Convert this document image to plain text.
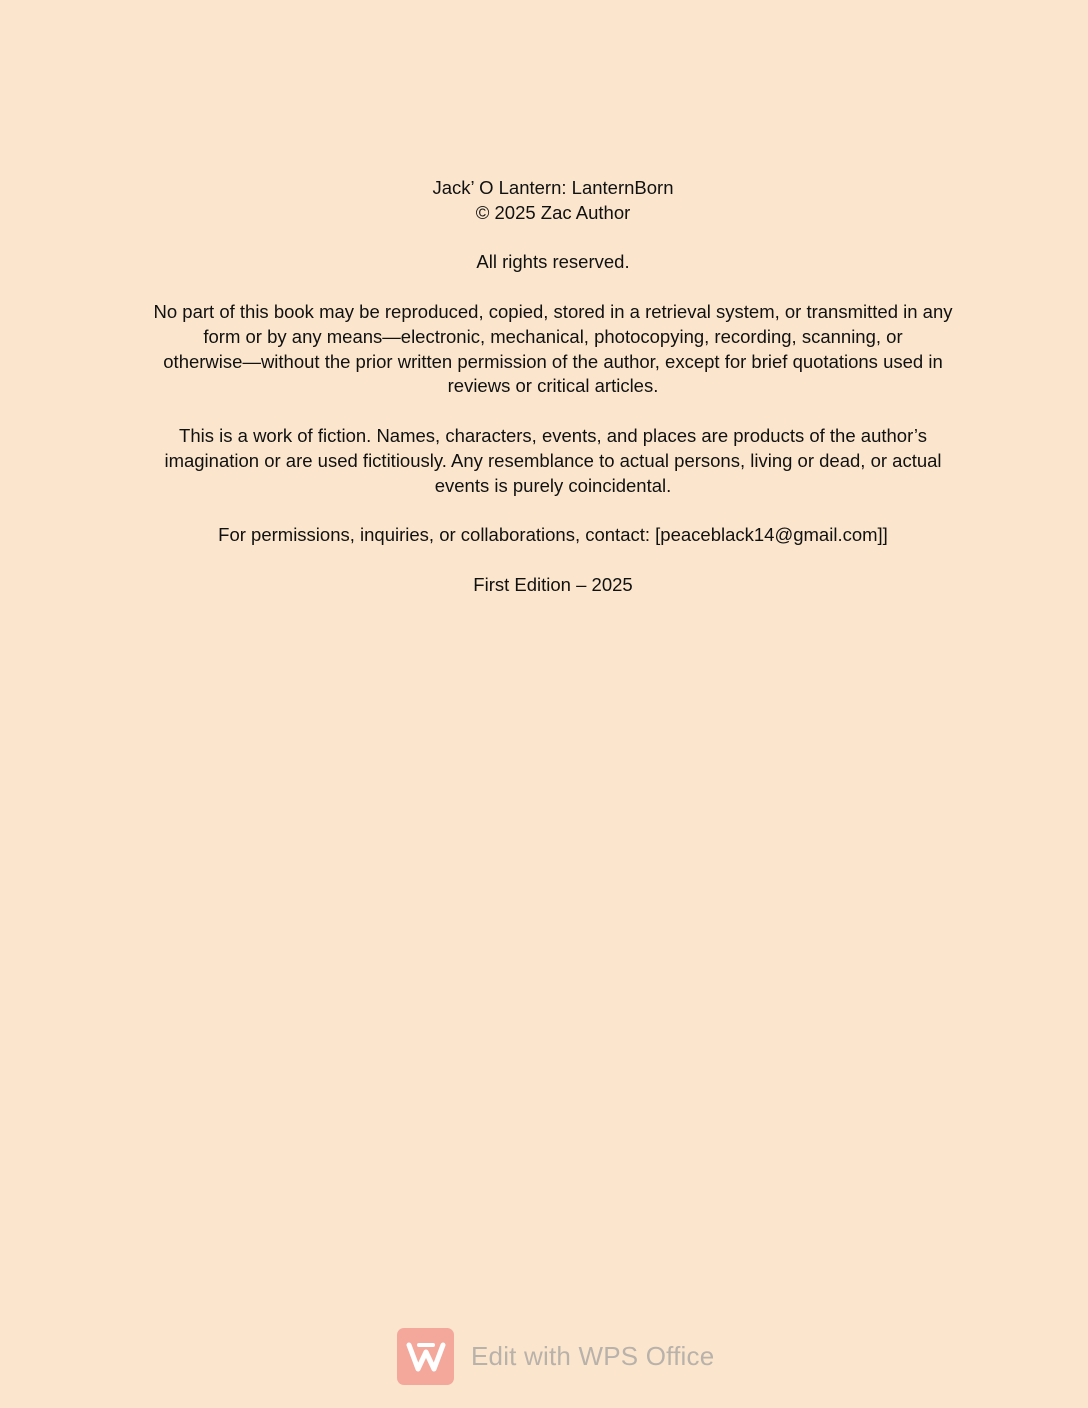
Jack’ O Lantern: LanternBorn

© 2025 Zac Author

All rights reserved.

No part of this book may be reproduced, copied, stored in a retrieval system, or transmitted in any

form or by any means—electronic, mechanical, photocopying, recording, scanning, or

otherwise—without the prior written permission of the author, except for brief quotations used in

reviews or critical articles.

This is a work of fiction. Names, characters, events, and places are products of the author’s

imagination or are used fictitiously. Any resemblance to actual persons, living or dead, or actual

events is purely coincidental.

For permissions, inquiries, or collaborations, contact: [peaceblack14@gmail.com]]

First Edition – 2025

Edit with WPS Office
